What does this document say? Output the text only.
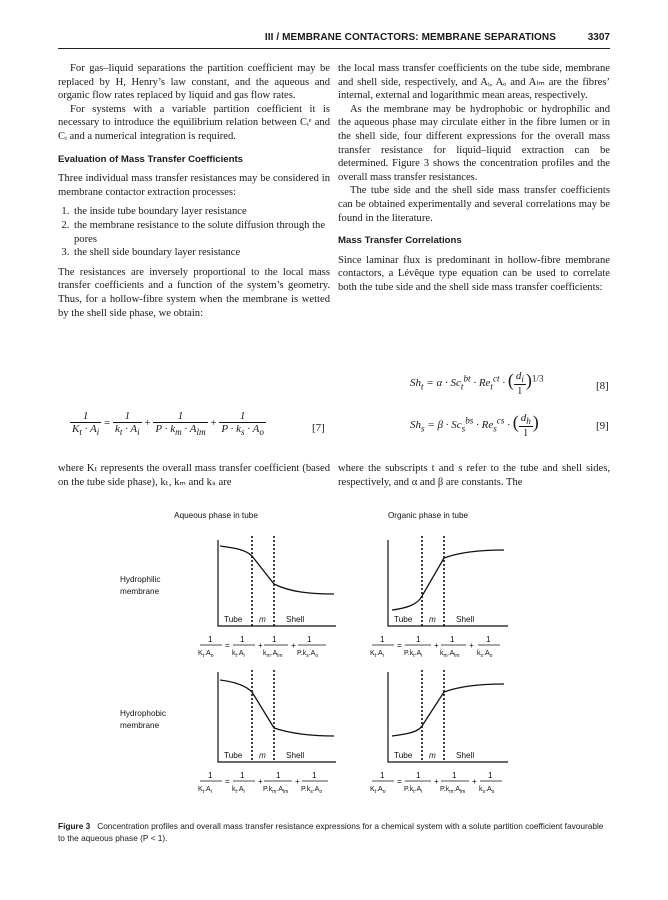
III / MEMBRANE CONTACTORS: MEMBRANE SEPARATIONS	3307

For gas–liquid separations the partition coefficient may be replaced by H, Henry’s law constant, and the aqueous and organic flow rates replaced by liquid and gas flow rates.

For systems with a variable partition coefficient it is necessary to introduce the equilibrium relation between Cᵢᵉ and Cᵢ and a numerical integration is required.

Evaluation of Mass Transfer Coefficients

Three individual mass transfer resistances may be considered in membrane contactor extraction processes:

1. the inside tube boundary layer resistance
2. the membrane resistance to the solute diffusion through the pores
3. the shell side boundary layer resistance

The resistances are inversely proportional to the local mass transfer coefficients and a function of the system’s geometry. Thus, for a hollow-fibre system when the membrane is wetted by the shell side phase, we obtain:

$\frac{1}{K_t \cdot A_i} = \frac{1}{k_t \cdot A_i} + \frac{1}{P \cdot k_m \cdot A_{lm}} + \frac{1}{P \cdot k_s \cdot A_o}$	[7]

where Kₜ represents the overall mass transfer coefficient (based on the tube side phase), kₜ, kₘ and kₛ are

the local mass transfer coefficients on the tube side, membrane and shell side, respectively, and Aᵢ, Aₒ and Aₗₘ are the fibres’ internal, external and logarithmic mean areas, respectively.

As the membrane may be hydrophobic or hydrophilic and the aqueous phase may circulate either in the fibre lumen or in the shell side, four different expressions for the overall mass transfer resistance for liquid–liquid extraction can be determined. Figure 3 shows the concentration profiles and the overall mass transfer resistances.

The tube side and the shell side mass transfer coefficients can be obtained experimentally and several correlations may be found in the literature.

Mass Transfer Correlations

Since laminar flux is predominant in hollow-fibre membrane contactors, a Lévêque type equation can be used to correlate both the tube side and the shell side mass transfer coefficients:

$Sh_t = \alpha \cdot Sc_t^{bt} \cdot Re_t^{ct}$ · ( $\frac{d_i}{l} )^{1/3}$
[8]
$Sh_s = \beta \cdot Sc_s^{bs} \cdot Re_s^{cs}$ · ( $\frac{d_h}{l}$ )	[9]

where the subscripts t and s refer to the tube and shell sides, respectively, and α and β are constants. The

Aqueous phase in tube	Organic phase in tube
Hydrophilic
membrane
Hydrophobic
membrane
Tube m Shell	Tube m Shell
Tube m Shell	Tube m Shell
1
$K_t.A_o$
=
1
$k_t.A_i$
+
1
$k_m.A_{lm}$
+
1
$P.k_s.A_o$
1
$K_t.A_i$
=
1
$P.k_t.A_i$
+
1
$k_m.A_{lm}$
+
1
$k_s.A_o$
1
$K_t.A_i$
=
1
$k_t.A_i$
+
1
$P.k_m.A_{lm}$
+
1
$P.k_s.A_o$
1
$K_t.A_o$
=
1
$P.k_t.A_i$
+
1
$P.k_m.A_{lm}$
+
1
$k_s.A_o$
Figure 3 Concentration profiles and overall mass transfer resistance expressions for a chemical system with a solute partition coefficient favourable to the aqueous phase (P < 1).
